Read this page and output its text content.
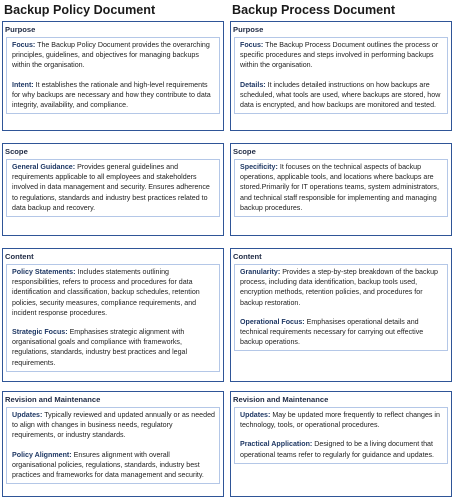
Backup Policy Document
Purpose

Focus: The Backup Policy Document provides the overarching principles, guidelines, and objectives for managing backups within the organisation.

Intent: It establishes the rationale and high-level requirements for why backups are necessary and how they contribute to data integrity, availability, and compliance.

Scope

General Guidance: Provides general guidelines and requirements applicable to all employees and stakeholders involved in data management and security. Ensures adherence to regulations, standards and industry best practices related to data backup and recovery.

Content

Policy Statements: Includes statements outlining responsibilities, refers to process and procedures for data identification and classification, backup schedules, retention policies, security measures, compliance requirements, and incident response procedures.

Strategic Focus: Emphasises strategic alignment with organisational goals and compliance with frameworks, regulations, standards, industry best practices and legal requirements.

Revision and Maintenance

Updates: Typically reviewed and updated annually or as needed to align with changes in business needs, regulatory requirements, or industry standards.

Policy Alignment: Ensures alignment with overall organisational policies, regulations, standards, industry best practices and frameworks for data management and security.

Backup Process Document
Purpose

Focus: The Backup Process Document outlines the process or specific procedures and steps involved in performing backups within the organisation.

Details: It includes detailed instructions on how backups are scheduled, what tools are used, where backups are stored, how data is encrypted, and how backups are monitored and tested.

Scope

Specificity: It focuses on the technical aspects of backup operations, applicable tools, and locations where backups are stored.Primarily for IT operations teams, system administrators, and technical staff responsible for implementing and managing backup procedures.

Content

Granularity: Provides a step-by-step breakdown of the backup process, including data identification, backup tools used, encryption methods, retention policies, and procedures for backup restoration.

Operational Focus: Emphasises operational details and technical requirements necessary for carrying out effective backup operations.

Revision and Maintenance

Updates: May be updated more frequently to reflect changes in technology, tools, or operational procedures.

Practical Application: Designed to be a living document that operational teams refer to regularly for guidance and updates.
